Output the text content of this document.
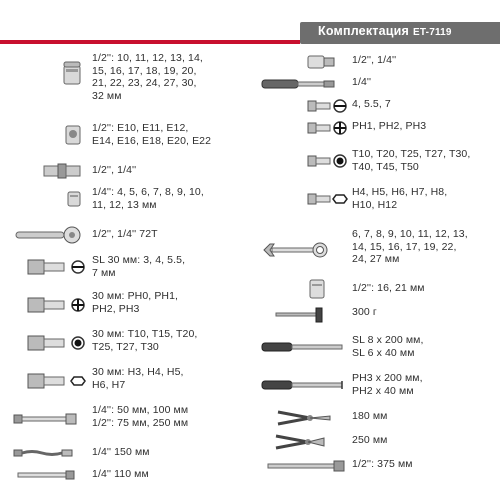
Комплектация ET-7119
1/2'': 10, 11, 12, 13, 14,
15, 16, 17, 18, 19, 20,
21, 22, 23, 24, 27, 30,
32 мм
1/2'': E10, E11, E12,
E14, E16, E18, E20, E22
1/2'', 1/4''
1/4'': 4, 5, 6, 7, 8, 9, 10,
11, 12, 13 мм
1/2'', 1/4'' 72T
SL 30 мм: 3, 4, 5.5,
7 мм
30 мм: PH0, PH1,
PH2, PH3
30 мм: T10, T15, T20,
T25, T27, T30
30 мм: H3, H4, H5,
H6, H7
1/4'': 50 мм, 100 мм
1/2'': 75 мм, 250 мм
1/4'' 150 мм
1/4'' 110 мм
1/2'', 1/4''
1/4''
4, 5.5, 7
PH1, PH2, PH3
T10, T20, T25, T27, T30,
T40, T45, T50
H4, H5, H6, H7, H8,
H10, H12
6, 7, 8, 9, 10, 11, 12, 13,
14, 15, 16, 17, 19, 22,
24, 27 мм
1/2'': 16, 21 мм
300 г
SL 8 х 200 мм,
SL 6 х 40 мм
PH3 х 200 мм,
PH2 х 40 мм
180 мм
250 мм
1/2'': 375 мм
